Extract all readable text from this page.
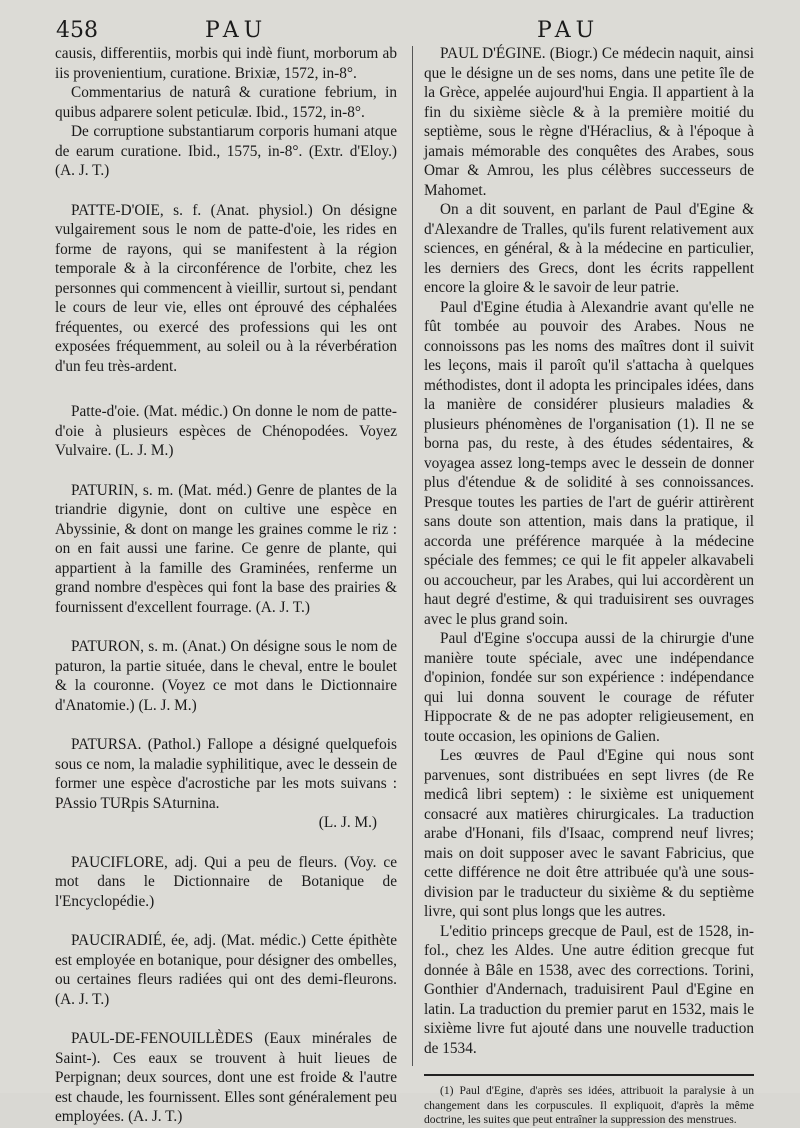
458	PAU	PAU

causis, differentiis, morbis qui indè fiunt, morborum ab iis provenientium, curatione. Brixiæ, 1572, in-8°.

Commentarius de naturâ & curatione febrium, in quibus adparere solent peticulæ. Ibid., 1572, in-8°.

De corruptione substantiarum corporis humani atque de earum curatione. Ibid., 1575, in-8°. (Extr. d'Eloy.) (A. J. T.)

PATTE-D'OIE, s. f. (Anat. physiol.) On désigne vulgairement sous le nom de patte-d'oie, les rides en forme de rayons, qui se manifestent à la région temporale & à la circonférence de l'orbite, chez les personnes qui commencent à vieillir, surtout si, pendant le cours de leur vie, elles ont éprouvé des céphalées fréquentes, ou exercé des professions qui les ont exposées fréquemment, au soleil ou à la réverbération d'un feu très-ardent.

Patte-d'oie. (Mat. médic.) On donne le nom de patte-d'oie à plusieurs espèces de Chénopodées. Voyez Vulvaire. (L. J. M.)

PATURIN, s. m. (Mat. méd.) Genre de plantes de la triandrie digynie, dont on cultive une espèce en Abyssinie, & dont on mange les graines comme le riz : on en fait aussi une farine. Ce genre de plante, qui appartient à la famille des Graminées, renferme un grand nombre d'espèces qui font la base des prairies & fournissent d'excellent fourrage. (A. J. T.)

PATURON, s. m. (Anat.) On désigne sous le nom de paturon, la partie située, dans le cheval, entre le boulet & la couronne. (Voyez ce mot dans le Dictionnaire d'Anatomie.) (L. J. M.)

PATURSA. (Pathol.) Fallope a désigné quelquefois sous ce nom, la maladie syphilitique, avec le dessein de former une espèce d'acrostiche par les mots suivans : PAssio TURpis SAturnina.

(L. J. M.)

PAUCIFLORE, adj. Qui a peu de fleurs. (Voy. ce mot dans le Dictionnaire de Botanique de l'Encyclopédie.)

PAUCIRADIÉ, ée, adj. (Mat. médic.) Cette épithète est employée en botanique, pour désigner des ombelles, ou certaines fleurs radiées qui ont des demi-fleurons. (A. J. T.)

PAUL-DE-FENOUILLÈDES (Eaux minérales de Saint-). Ces eaux se trouvent à huit lieues de Perpignan; deux sources, dont une est froide & l'autre est chaude, les fournissent. Elles sont généralement peu employées. (A. J. T.)

PAUL D'ÉGINE. (Biogr.) Ce médecin naquit, ainsi que le désigne un de ses noms, dans une petite île de la Grèce, appelée aujourd'hui Engia. Il appartient à la fin du sixième siècle & à la première moitié du septième, sous le règne d'Héraclius, & à l'époque à jamais mémorable des conquêtes des Arabes, sous Omar & Amrou, les plus célèbres successeurs de Mahomet.

On a dit souvent, en parlant de Paul d'Egine & d'Alexandre de Tralles, qu'ils furent relativement aux sciences, en général, & à la médecine en particulier, les derniers des Grecs, dont les écrits rappellent encore la gloire & le savoir de leur patrie.

Paul d'Egine étudia à Alexandrie avant qu'elle ne fût tombée au pouvoir des Arabes. Nous ne connoissons pas les noms des maîtres dont il suivit les leçons, mais il paroît qu'il s'attacha à quelques méthodistes, dont il adopta les principales idées, dans la manière de considérer plusieurs maladies & plusieurs phénomènes de l'organisation (1). Il ne se borna pas, du reste, à des études sédentaires, & voyagea assez long-temps avec le dessein de donner plus d'étendue & de solidité à ses connoissances. Presque toutes les parties de l'art de guérir attirèrent sans doute son attention, mais dans la pratique, il accorda une préférence marquée à la médecine spéciale des femmes; ce qui le fit appeler alkavabeli ou accoucheur, par les Arabes, qui lui accordèrent un haut degré d'estime, & qui traduisirent ses ouvrages avec le plus grand soin.

Paul d'Egine s'occupa aussi de la chirurgie d'une manière toute spéciale, avec une indépendance d'opinion, fondée sur son expérience : indépendance qui lui donna souvent le courage de réfuter Hippocrate & de ne pas adopter religieusement, en toute occasion, les opinions de Galien.

Les œuvres de Paul d'Egine qui nous sont parvenues, sont distribuées en sept livres (de Re medicâ libri septem) : le sixième est uniquement consacré aux matières chirurgicales. La traduction arabe d'Honani, fils d'Isaac, comprend neuf livres; mais on doit supposer avec le savant Fabricius, que cette différence ne doit être attribuée qu'à une sous-division par le traducteur du sixième & du septième livre, qui sont plus longs que les autres.

L'editio princeps grecque de Paul, est de 1528, in-fol., chez les Aldes. Une autre édition grecque fut donnée à Bâle en 1538, avec des corrections. Torini, Gonthier d'Andernach, traduisirent Paul d'Egine en latin. La traduction du premier parut en 1532, mais le sixième livre fut ajouté dans une nouvelle traduction de 1534.

(1) Paul d'Egine, d'après ses idées, attribuoit la paralysie à un changement dans les corpuscules. Il expliquoit, d'après la même doctrine, les suites que peut entraîner la suppression des menstrues.
